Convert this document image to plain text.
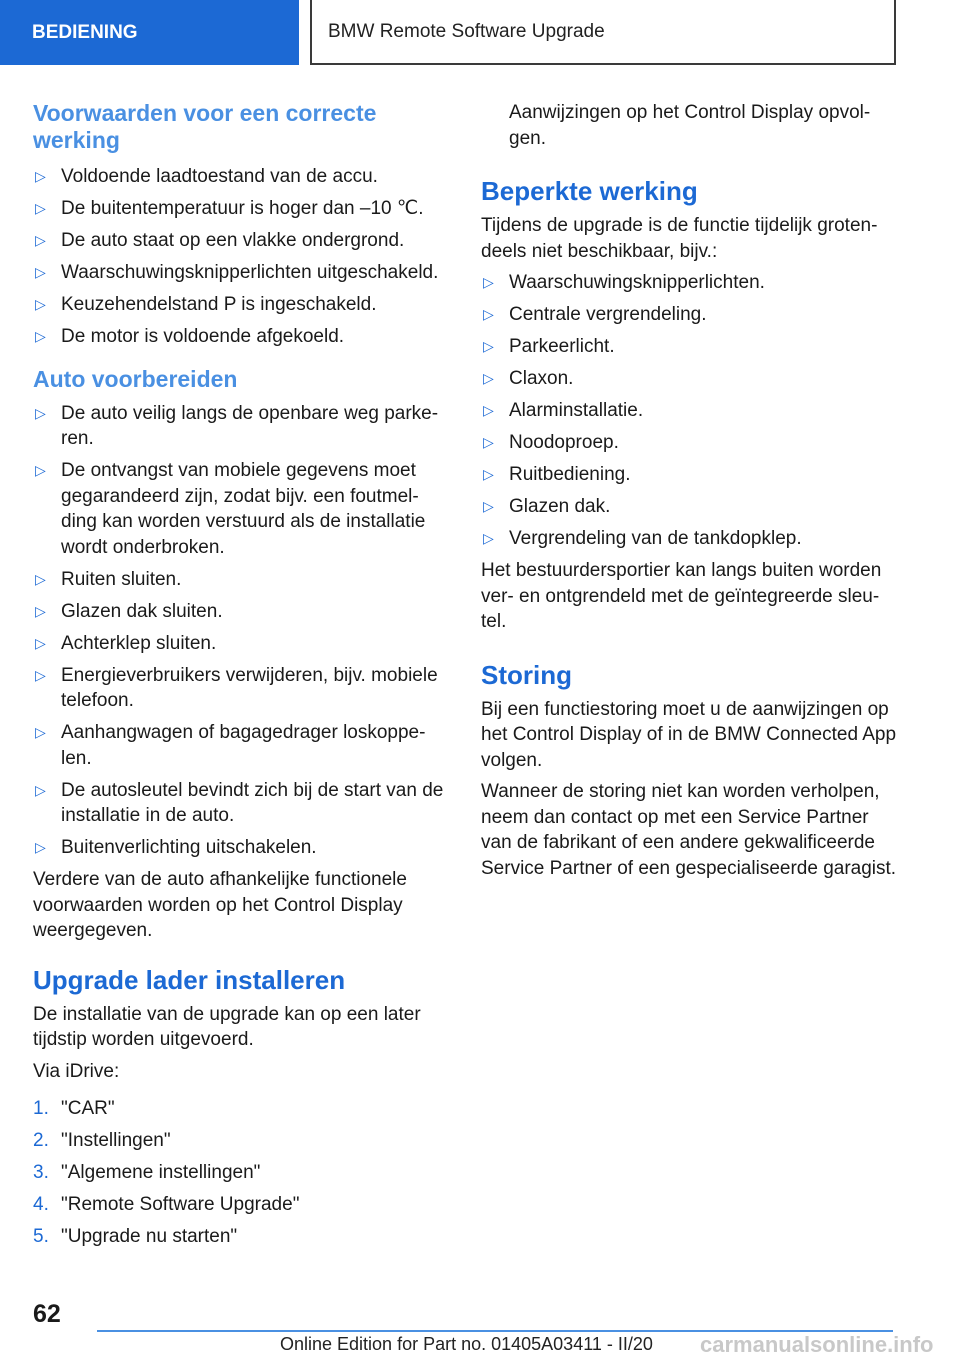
BEDIENING	BMW Remote Software Upgrade
Voorwaarden voor een correcte
werking
▷ Voldoende laadtoestand van de accu.
▷ De buitentemperatuur is hoger dan –10 ℃.
▷ De auto staat op een vlakke ondergrond.
▷ Waarschuwingsknipperlichten uitgeschakeld.
▷ Keuzehendelstand P is ingeschakeld.
▷ De motor is voldoende afgekoeld.
Auto voorbereiden
▷ De auto veilig langs de openbare weg parke-ren.
▷ De ontvangst van mobiele gegevens moet gegarandeerd zijn, zodat bijv. een foutmel-ding kan worden verstuurd als de installatie wordt onderbroken.
▷ Ruiten sluiten.
▷ Glazen dak sluiten.
▷ Achterklep sluiten.
▷ Energieverbruikers verwijderen, bijv. mobiele telefoon.
▷ Aanhangwagen of bagagedrager loskoppe-len.
▷ De autosleutel bevindt zich bij de start van de installatie in de auto.
▷ Buitenverlichting uitschakelen.
Verdere van de auto afhankelijke functionele voorwaarden worden op het Control Display weergegeven.
Upgrade lader installeren
De installatie van de upgrade kan op een later tijdstip worden uitgevoerd.
Via iDrive:
1. "CAR"
2. "Instellingen"
3. "Algemene instellingen"
4. "Remote Software Upgrade"
5. "Upgrade nu starten"
Aanwijzingen op het Control Display opvol-
gen.
Beperkte werking
Tijdens de upgrade is de functie tijdelijk groten-deels niet beschikbaar, bijv.:
▷ Waarschuwingsknipperlichten.
▷ Centrale vergrendeling.
▷ Parkeerlicht.
▷ Claxon.
▷ Alarminstallatie.
▷ Noodoproep.
▷ Ruitbediening.
▷ Glazen dak.
▷ Vergrendeling van de tankdopklep.
Het bestuurdersportier kan langs buiten worden ver- en ontgrendeld met de geïntegreerde sleu-tel.
Storing
Bij een functiestoring moet u de aanwijzingen op het Control Display of in de BMW Connected App volgen.
Wanneer de storing niet kan worden verholpen, neem dan contact op met een Service Partner van de fabrikant of een andere gekwalificeerde Service Partner of een gespecialiseerde garagist.
62
Online Edition for Part no. 01405A03411 - II/20 carmanualsonline.info
